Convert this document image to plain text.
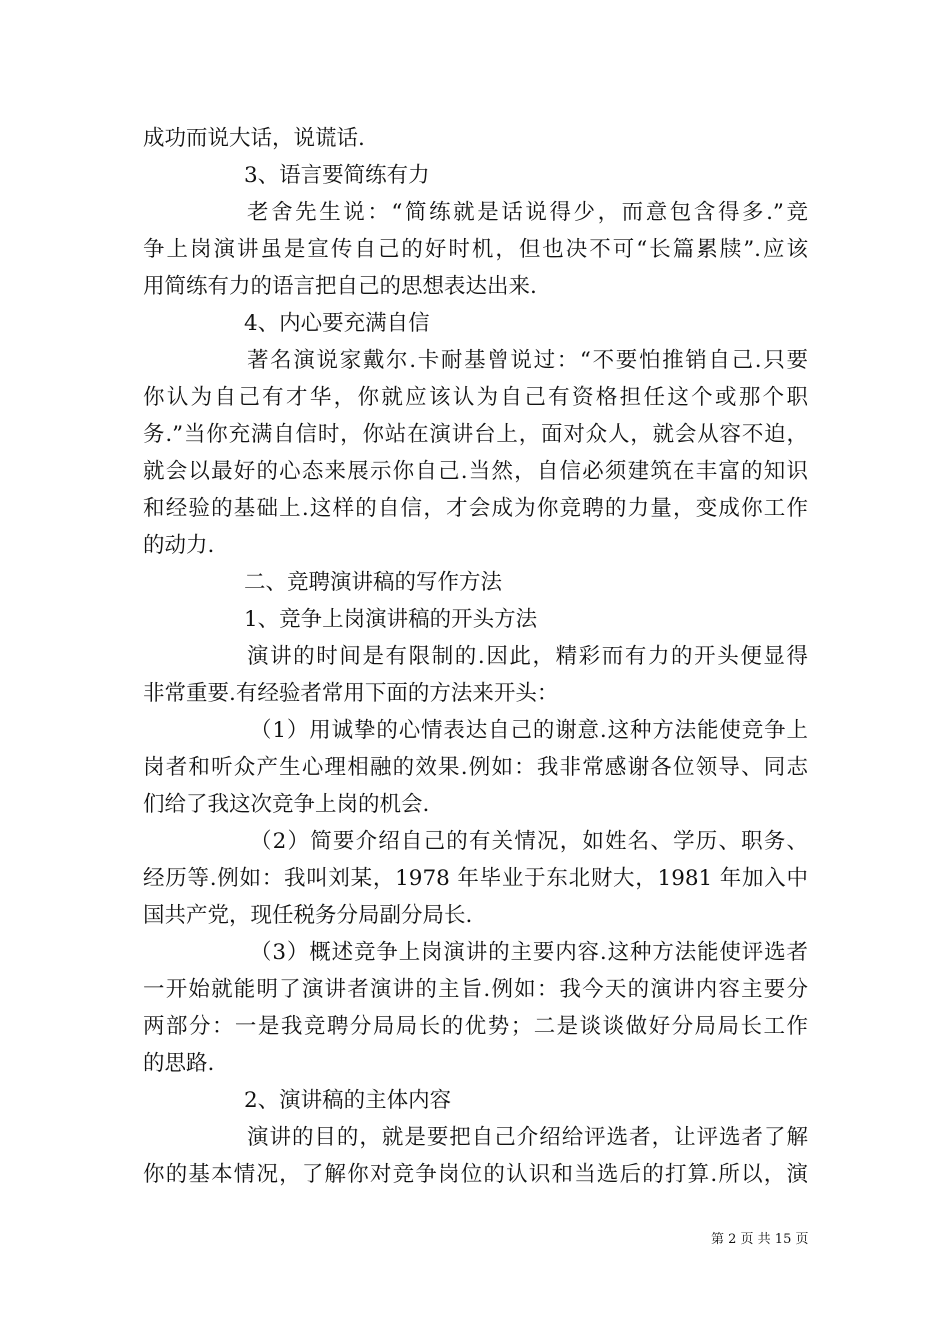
成功而说大话，说谎话.
3、语言要简练有力
老舍先生说：“简练就是话说得少，而意包含得多.”竞
争上岗演讲虽是宣传自己的好时机，但也决不可“长篇累牍”.应该
用简练有力的语言把自己的思想表达出来.
4、内心要充满自信
著名演说家戴尔.卡耐基曾说过：“不要怕推销自己.只要
你认为自己有才华，你就应该认为自己有资格担任这个或那个职
务.”当你充满自信时，你站在演讲台上，面对众人，就会从容不迫，
就会以最好的心态来展示你自己.当然，自信必须建筑在丰富的知识
和经验的基础上.这样的自信，才会成为你竞聘的力量，变成你工作
的动力.
二、竞聘演讲稿的写作方法
1、竞争上岗演讲稿的开头方法
演讲的时间是有限制的.因此，精彩而有力的开头便显得
非常重要.有经验者常用下面的方法来开头：
（1）用诚挚的心情表达自己的谢意.这种方法能使竞争上
岗者和听众产生心理相融的效果.例如：我非常感谢各位领导、同志
们给了我这次竞争上岗的机会.
（2）简要介绍自己的有关情况，如姓名、学历、职务、
经历等.例如：我叫刘某，1978 年毕业于东北财大，1981 年加入中
国共产党，现任税务分局副分局长.
（3）概述竞争上岗演讲的主要内容.这种方法能使评选者
一开始就能明了演讲者演讲的主旨.例如：我今天的演讲内容主要分
两部分：一是我竞聘分局局长的优势；二是谈谈做好分局局长工作
的思路.
2、演讲稿的主体内容
演讲的目的，就是要把自己介绍给评选者，让评选者了解
你的基本情况，了解你对竞争岗位的认识和当选后的打算.所以，演
第 2 页 共 15 页
